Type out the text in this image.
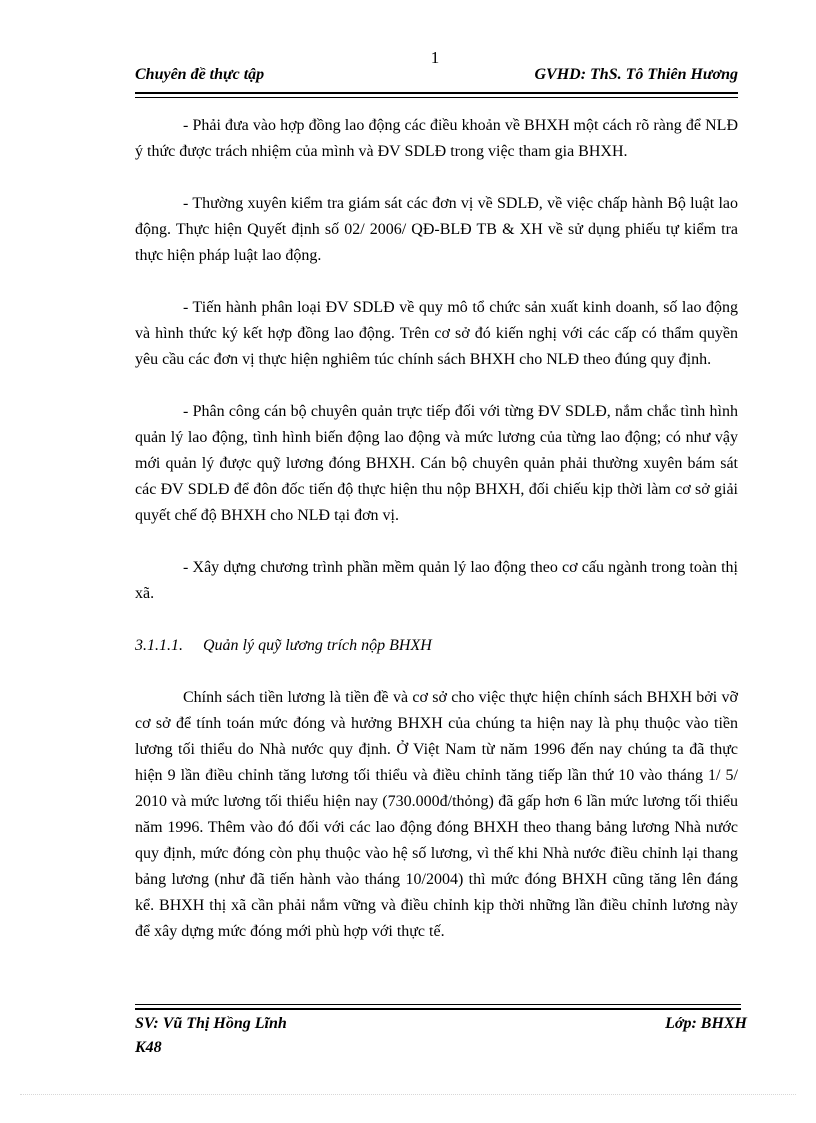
1
Chuyên đề thực tập	GVHD: ThS. Tô Thiên Hương

- Phải đưa vào hợp đồng lao động các điều khoản về BHXH một cách rõ ràng để NLĐ ý thức được trách nhiệm của mình và ĐV SDLĐ trong việc tham gia BHXH.

- Thường xuyên kiểm tra giám sát các đơn vị về SDLĐ, về việc chấp hành Bộ luật lao động. Thực hiện Quyết định số 02/ 2006/ QĐ-BLĐ TB & XH về sử dụng phiếu tự kiểm tra thực hiện pháp luật lao động.

- Tiến hành phân loại ĐV SDLĐ về quy mô tổ chức sản xuất kinh doanh, số lao động và hình thức ký kết hợp đồng lao động. Trên cơ sở đó kiến nghị với các cấp có thẩm quyền yêu cầu các đơn vị thực hiện nghiêm túc chính sách BHXH cho NLĐ theo đúng quy định.

- Phân công cán bộ chuyên quản trực tiếp đối với từng ĐV SDLĐ, nắm chắc tình hình quản lý lao động, tình hình biến động lao động và mức lương của từng lao động; có như vậy mới quản lý được quỹ lương đóng BHXH. Cán bộ chuyên quản phải thường xuyên bám sát các ĐV SDLĐ để đôn đốc tiến độ thực hiện thu nộp BHXH, đối chiếu kịp thời làm cơ sở giải quyết chế độ BHXH cho NLĐ tại đơn vị.

- Xây dựng chương trình phần mềm quản lý lao động theo cơ cấu ngành trong toàn thị xã.

3.1.1.1. Quản lý quỹ lương trích nộp BHXH

Chính sách tiền lương là tiền đề và cơ sở cho việc thực hiện chính sách BHXH bởi vỡ cơ sở để tính toán mức đóng và hưởng BHXH của chúng ta hiện nay là phụ thuộc vào tiền lương tối thiểu do Nhà nước quy định. Ở Việt Nam từ năm 1996 đến nay chúng ta đã thực hiện 9 lần điều chỉnh tăng lương tối thiểu và điều chỉnh tăng tiếp lần thứ 10 vào tháng 1/ 5/ 2010 và mức lương tối thiểu hiện nay (730.000đ/thỏng) đã gấp hơn 6 lần mức lương tối thiểu năm 1996. Thêm vào đó đối với các lao động đóng BHXH theo thang bảng lương Nhà nước quy định, mức đóng còn phụ thuộc vào hệ số lương, vì thế khi Nhà nước điều chỉnh lại thang bảng lương (như đã tiến hành vào tháng 10/2004) thì mức đóng BHXH cũng tăng lên đáng kể. BHXH thị xã cần phải nắm vững và điều chỉnh kịp thời những lần điều chỉnh lương này để xây dựng mức đóng mới phù hợp với thực tế.

SV: Vũ Thị Hồng Lĩnh	Lớp: BHXH
K48
